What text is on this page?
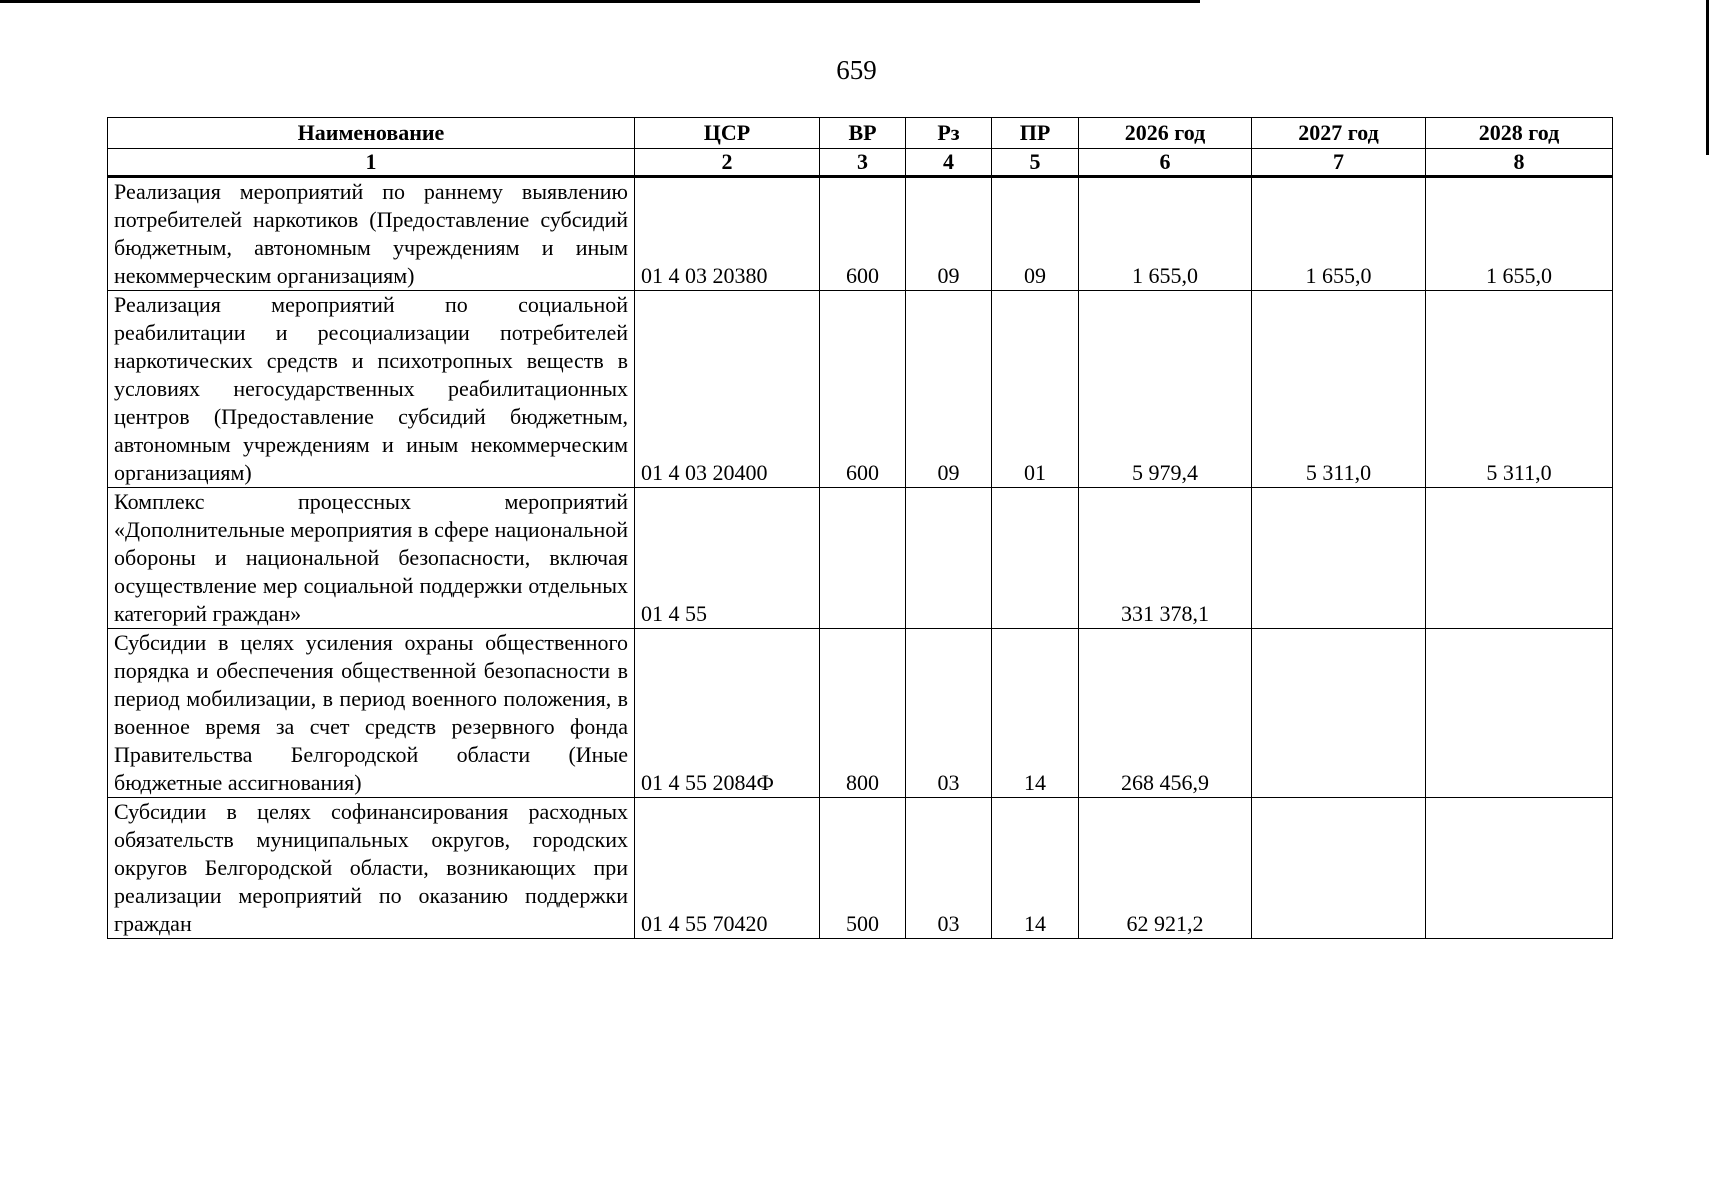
659
Наименование	ЦСР	ВР	Рз	ПР	2026 год	2027 год	2028 год
1	2	3	4	5	6	7	8
Реализация мероприятий по раннему выявлению потребителей наркотиков (Предоставление субсидий бюджетным, автономным учреждениям и иным некоммерческим организациям)	01 4 03 20380	600	09	09	1 655,0	1 655,0	1 655,0
Реализация мероприятий по социальной реабилитации и ресоциализации потребителей наркотических средств и психотропных веществ в условиях негосударственных реабилитационных центров (Предоставление субсидий бюджетным, автономным учреждениям и иным некоммерческим организациям)	01 4 03 20400	600	09	01	5 979,4	5 311,0	5 311,0
Комплекс процессных мероприятий «Дополнительные мероприятия в сфере национальной обороны и национальной безопасности, включая осуществление мер социальной поддержки отдельных категорий граждан»	01 4 55				331 378,1		
Субсидии в целях усиления охраны общественного порядка и обеспечения общественной безопасности в период мобилизации, в период военного положения, в военное время за счет средств резервного фонда Правительства Белгородской области (Иные бюджетные ассигнования)	01 4 55 2084Ф	800	03	14	268 456,9		
Субсидии в целях софинансирования расходных обязательств муниципальных округов, городских округов Белгородской области, возникающих при реализации мероприятий по оказанию поддержки граждан	01 4 55 70420	500	03	14	62 921,2		
